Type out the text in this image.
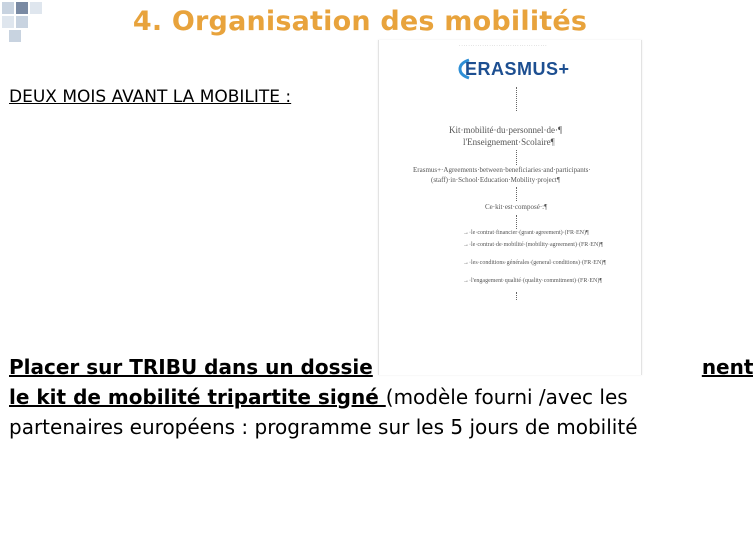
4. Organisation des mobilités
DEUX MOIS AVANT LA MOBILITE :
· · · · · · · · · · · · · · · · · · · · · · · · · · · · · · · · · · · · · ·
ERASMUS+
Kit·mobilité·du·personnel·de·¶
l'Enseignement·Scolaire¶
Erasmus+·Agreements·between·beneficiaries·and·participants·
(staff)·in·School·Education·Mobility·project¶
Ce·kit·est·composé·:¶
→·le·contrat·financier·(grant·agreement)·(FR·EN)¶
→·le·contrat·de·mobilité·(mobility·agreement)·(FR·EN)¶
→·les·conditions·générales·(general·conditions)·(FR·EN)¶
→·l'engagement·qualité·(quality·commitment)·(FR·EN)¶
Placer sur TRIBU dans un dossie	nent
le kit de mobilité tripartite signé (modèle fourni /avec les
partenaires européens : programme sur les 5 jours de mobilité
